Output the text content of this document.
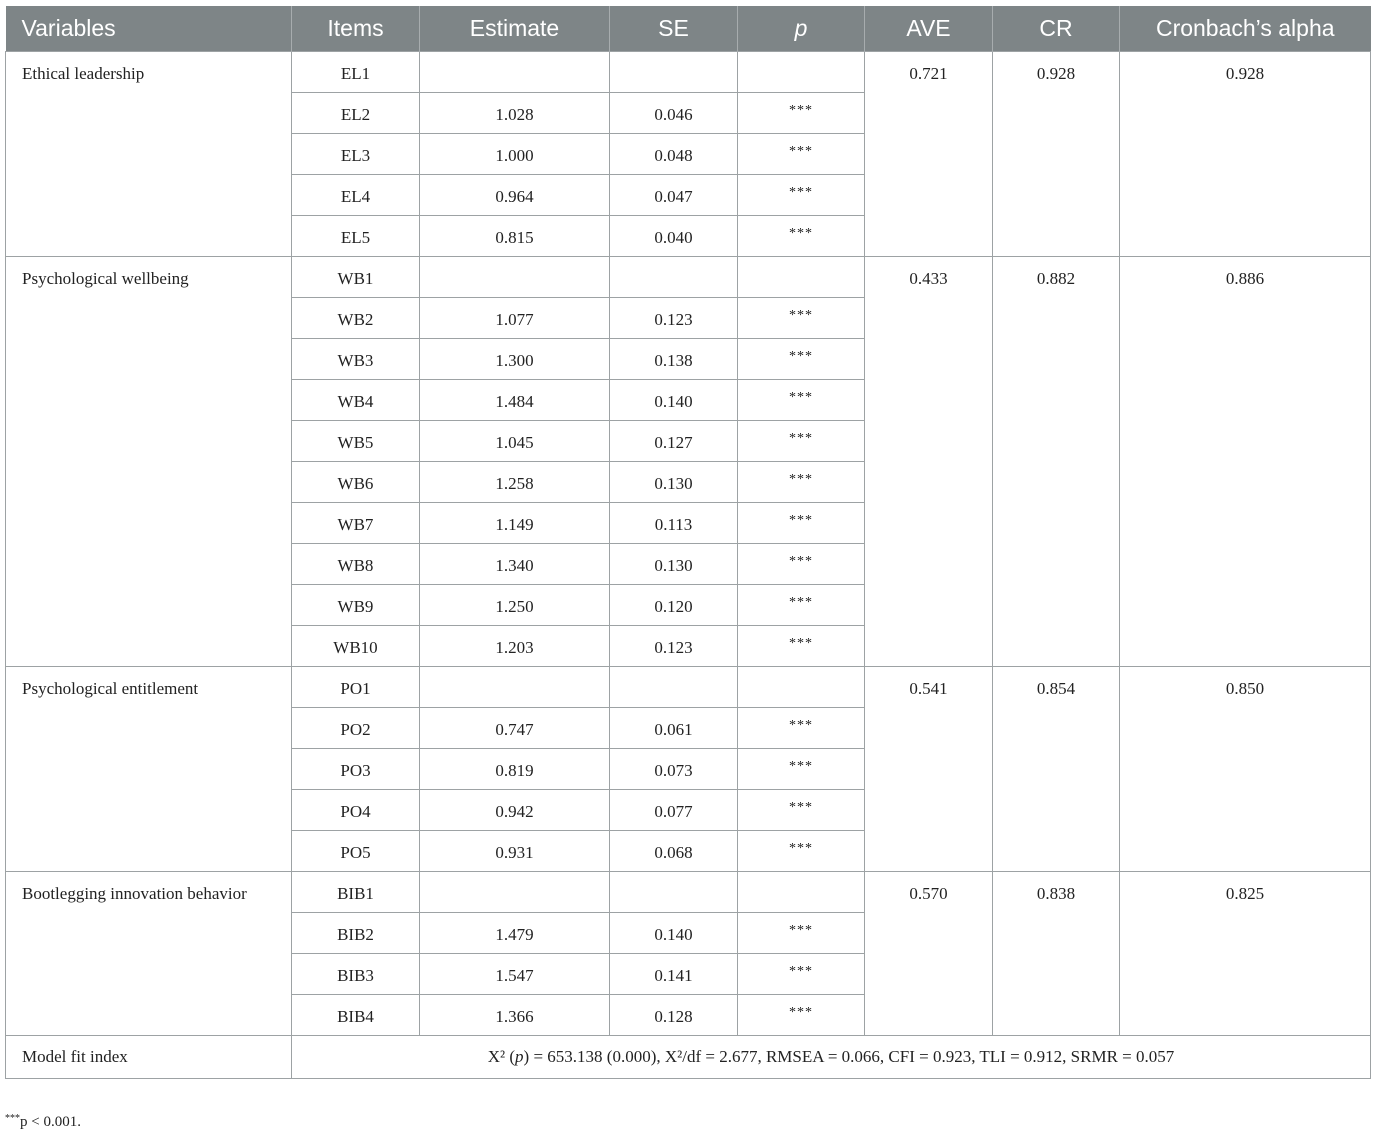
Variables	Items	Estimate	SE	p	AVE	CR	Cronbach’s alpha
Ethical leadership	EL1				0.721	0.928	0.928
	EL2	1.028	0.046	***			
	EL3	1.000	0.048	***			
	EL4	0.964	0.047	***			
	EL5	0.815	0.040	***			
Psychological wellbeing	WB1				0.433	0.882	0.886
	WB2	1.077	0.123	***			
	WB3	1.300	0.138	***			
	WB4	1.484	0.140	***			
	WB5	1.045	0.127	***			
	WB6	1.258	0.130	***			
	WB7	1.149	0.113	***			
	WB8	1.340	0.130	***			
	WB9	1.250	0.120	***			
	WB10	1.203	0.123	***			
Psychological entitlement	PO1				0.541	0.854	0.850
	PO2	0.747	0.061	***			
	PO3	0.819	0.073	***			
	PO4	0.942	0.077	***			
	PO5	0.931	0.068	***			
Bootlegging innovation behavior	BIB1				0.570	0.838	0.825
	BIB2	1.479	0.140	***			
	BIB3	1.547	0.141	***			
	BIB4	1.366	0.128	***			
Model fit index	X² (p) = 653.138 (0.000), X²/df = 2.677, RMSEA = 0.066, CFI = 0.923, TLI = 0.912, SRMR = 0.057						
***p < 0.001.
